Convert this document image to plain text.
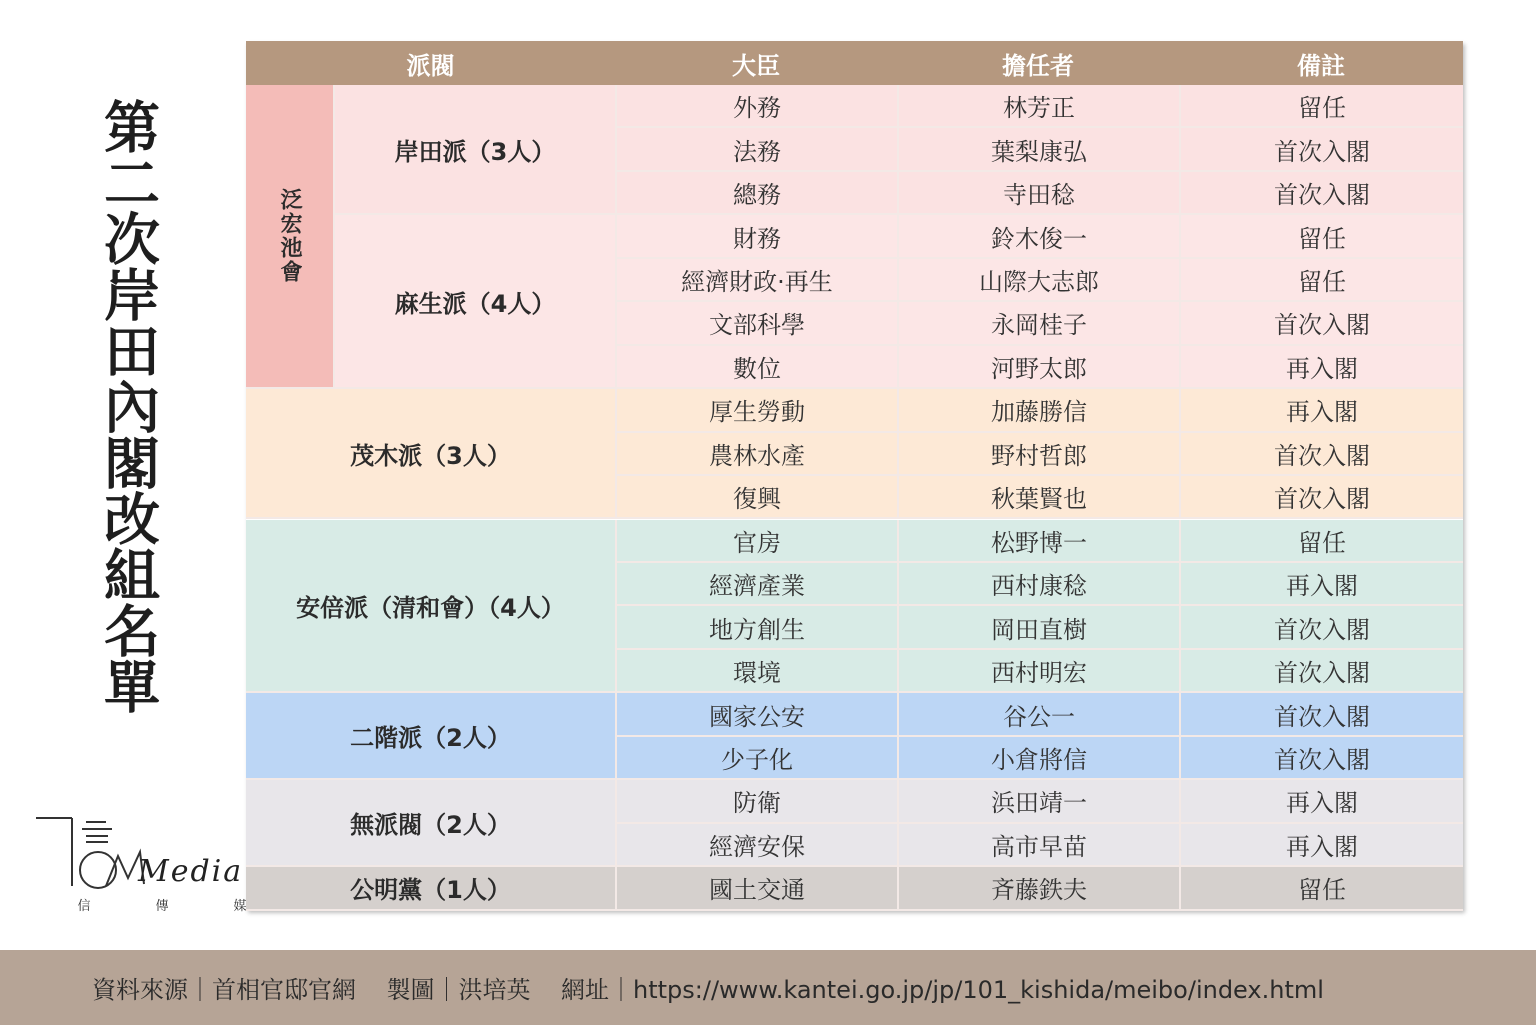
第二次岸田內閣改組名單
Media
信	傳	媒
派閥	大臣	擔任者	備註
泛宏池會
岸田派（3人）
外務	林芳正	留任
法務	葉梨康弘	首次入閣
總務	寺田稔	首次入閣
麻生派（4人）
財務	鈴木俊一	留任
經濟財政·再生	山際大志郎	留任
文部科學	永岡桂子	首次入閣
數位	河野太郎	再入閣
茂木派（3人）
厚生勞動	加藤勝信	再入閣
農林水產	野村哲郎	首次入閣
復興	秋葉賢也	首次入閣
安倍派（清和會）（4人）
官房	松野博一	留任
經濟產業	西村康稔	再入閣
地方創生	岡田直樹	首次入閣
環境	西村明宏	首次入閣
二階派（2人）
國家公安	谷公一	首次入閣
少子化	小倉將信	首次入閣
無派閥（2人）
防衛	浜田靖一	再入閣
經濟安保	高市早苗	再入閣
公明黨（1人）	國土交通	斉藤鉄夫	留任
資料來源｜首相官邸官網 製圖｜洪培英 網址｜https://www.kantei.go.jp/jp/101_kishida/meibo/index.html
